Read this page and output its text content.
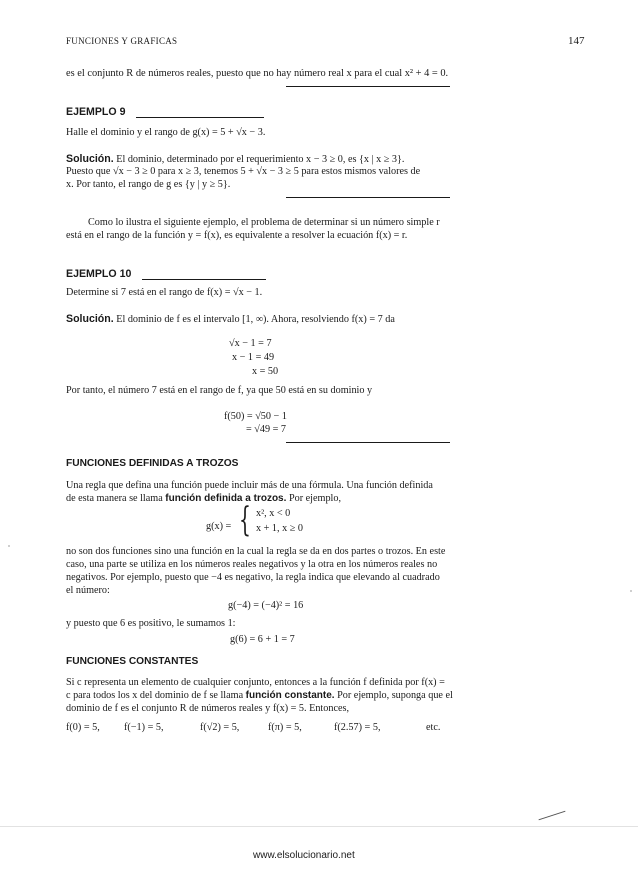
FUNCIONES Y GRAFICAS	147
es el conjunto R de números reales, puesto que no hay número real x para el cual x² + 4 = 0.
EJEMPLO 9
Halle el dominio y el rango de g(x) = 5 + √x − 3.
Solución. El dominio, determinado por el requerimiento x − 3 ≥ 0, es {x | x ≥ 3}.
Puesto que √x − 3 ≥ 0 para x ≥ 3, tenemos 5 + √x − 3 ≥ 5 para estos mismos valores de
x. Por tanto, el rango de g es {y | y ≥ 5}.
Como lo ilustra el siguiente ejemplo, el problema de determinar si un número simple r
está en el rango de la función y = f(x), es equivalente a resolver la ecuación f(x) = r.
EJEMPLO 10
Determine si 7 está en el rango de f(x) = √x − 1.
Solución. El dominio de f es el intervalo [1, ∞). Ahora, resolviendo f(x) = 7 da
√x − 1 = 7
x − 1 = 49
x = 50
Por tanto, el número 7 está en el rango de f, ya que 50 está en su dominio y
f(50) = √50 − 1
= √49 = 7
FUNCIONES DEFINIDAS A TROZOS
Una regla que defina una función puede incluir más de una fórmula. Una función definida
de esta manera se llama función definida a trozos. Por ejemplo,
g(x) = { x², x < 0
x + 1, x ≥ 0
no son dos funciones sino una función en la cual la regla se da en dos partes o trozos. En este
caso, una parte se utiliza en los números reales negativos y la otra en los números reales no
negativos. Por ejemplo, puesto que −4 es negativo, la regla indica que elevando al cuadrado
el número:
g(−4) = (−4)² = 16
y puesto que 6 es positivo, le sumamos 1:
g(6) = 6 + 1 = 7
FUNCIONES CONSTANTES
Si c representa un elemento de cualquier conjunto, entonces a la función f definida por f(x) =
c para todos los x del dominio de f se llama función constante. Por ejemplo, suponga que el
dominio de f es el conjunto R de números reales y f(x) = 5. Entonces,
f(0) = 5, f(−1) = 5,	f(√2) = 5,	f(π) = 5,	f(2.57) = 5,	etc.
www.elsolucionario.net
